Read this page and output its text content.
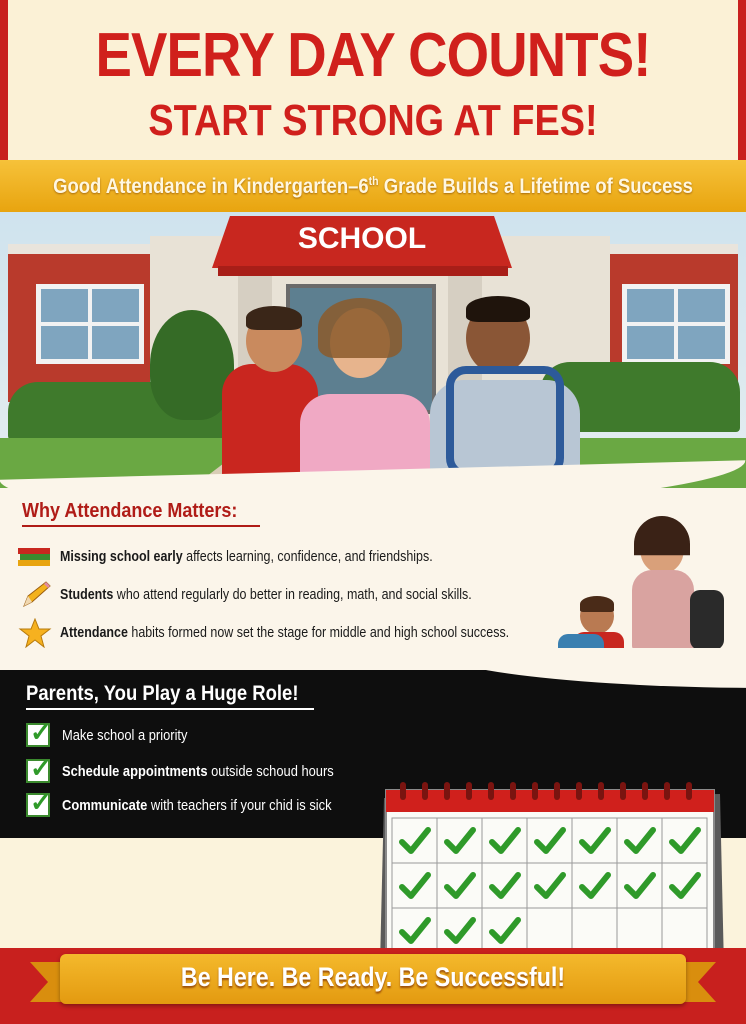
EVERY DAY COUNTS!
START STRONG AT FES!
Good Attendance in Kindergarten–6th Grade Builds a Lifetime of Success
SCHOOL
Why Attendance Matters:
Missing school early affects learning, confidence, and friendships.
Students who attend regularly do better in reading, math, and social skills.
Attendance habits formed now set the stage for middle and high school success.
Parents, You Play a Huge Role!
✓ Make school a priority
✓ Schedule appointments outside schoud hours
✓ Communicate with teachers if your chid is sick
Be Here. Be Ready. Be Successful!
